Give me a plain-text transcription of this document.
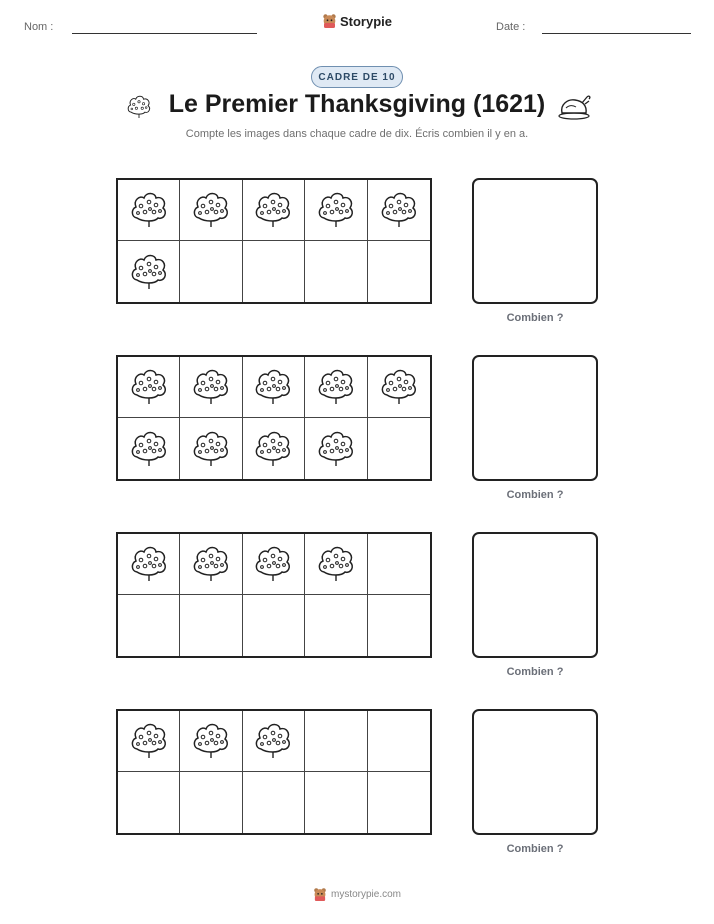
Nom :	Storypie	Date :
CADRE DE 10
Le Premier Thanksgiving (1621)
Compte les images dans chaque cadre de dix. Écris combien il y en a.
Combien ?
Combien ?
Combien ?
Combien ?
mystorypie.com
